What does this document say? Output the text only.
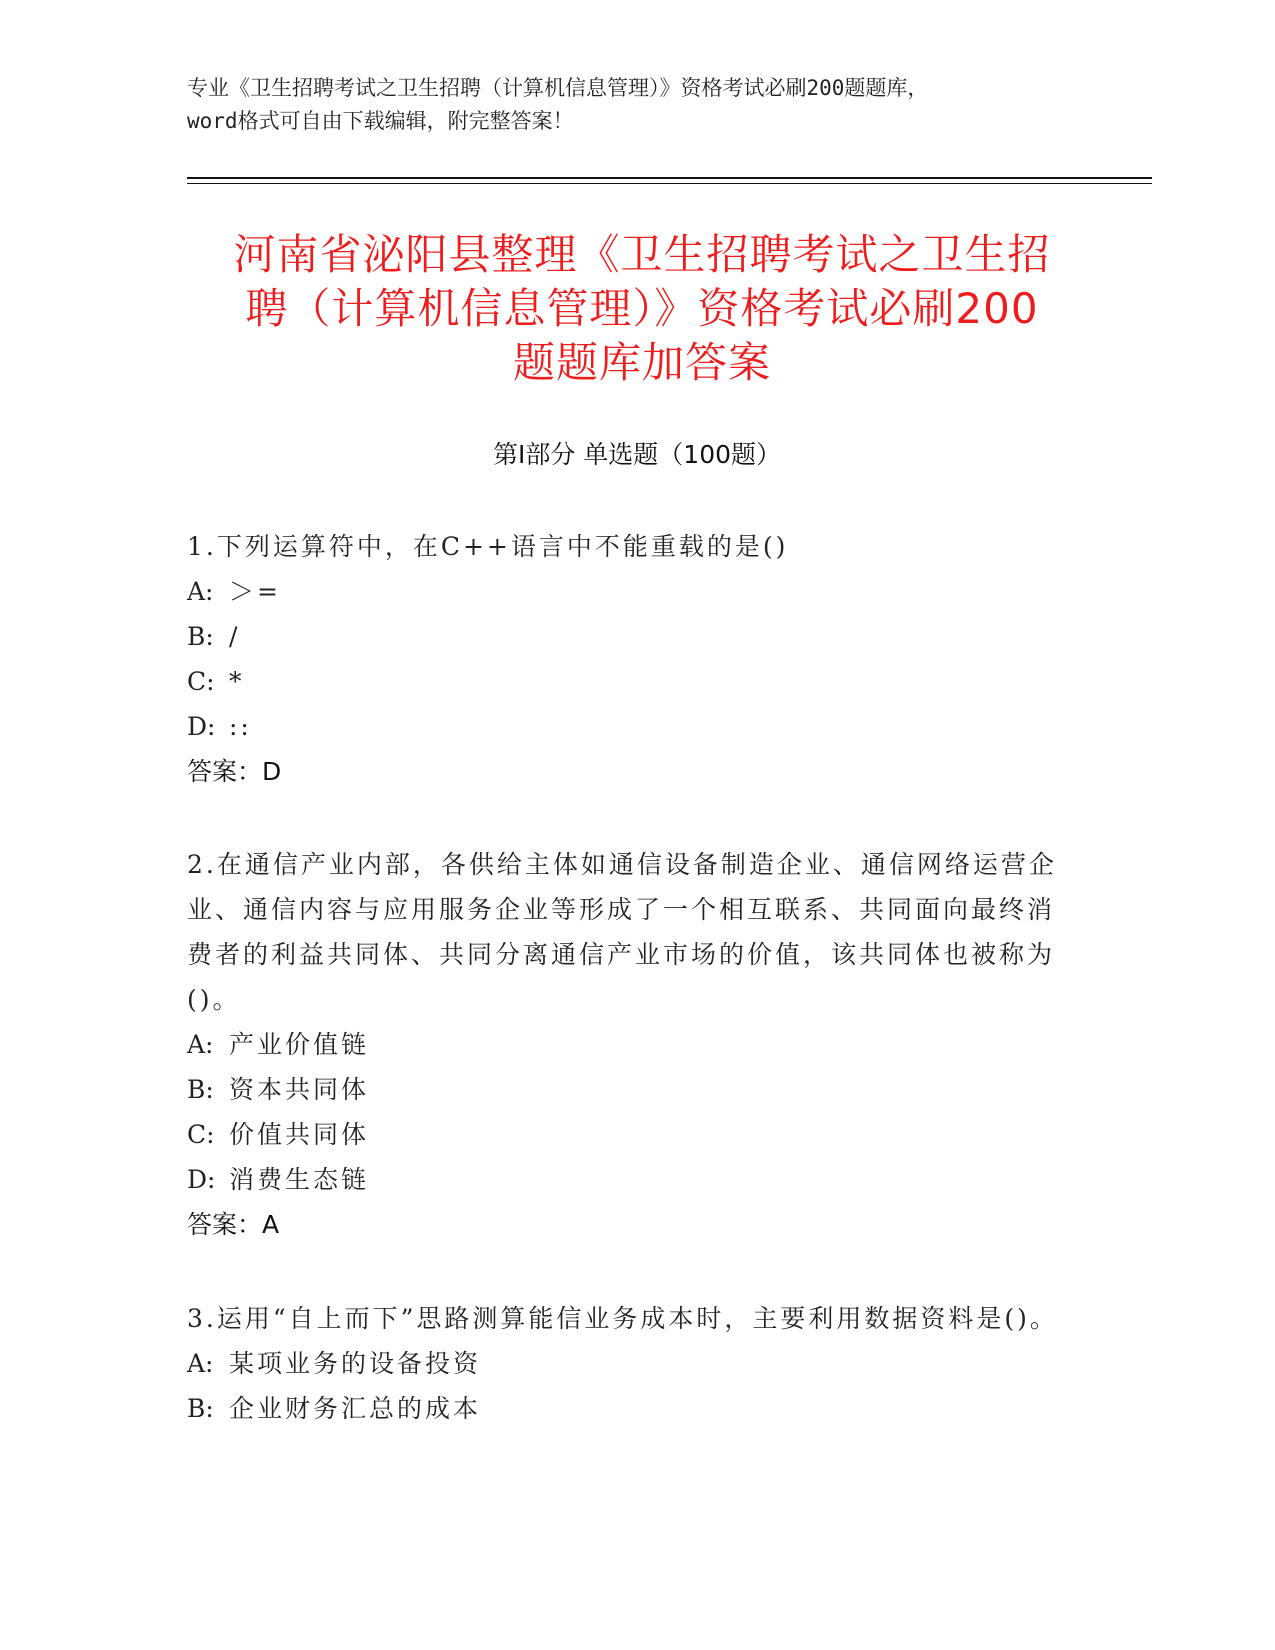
专业《卫生招聘考试之卫生招聘（计算机信息管理）》资格考试必刷200题题库，
word格式可自由下载编辑，附完整答案！
河南省泌阳县整理《卫生招聘考试之卫生招
聘（计算机信息管理）》资格考试必刷200
题题库加答案
第Ⅰ部分 单选题（100题）

1.下列运算符中，在C++语言中不能重载的是()

A: ＞=

B: /

C: *

D: ::

答案：D

2.在通信产业内部，各供给主体如通信设备制造企业、通信网络运营企业、通信内容与应用服务企业等形成了一个相互联系、共同面向最终消费者的利益共同体、共同分离通信产业市场的价值，该共同体也被称为()。

A: 产业价值链

B: 资本共同体

C: 价值共同体

D: 消费生态链

答案：A

3.运用“自上而下”思路测算能信业务成本时，主要利用数据资料是()。

A: 某项业务的设备投资

B: 企业财务汇总的成本
